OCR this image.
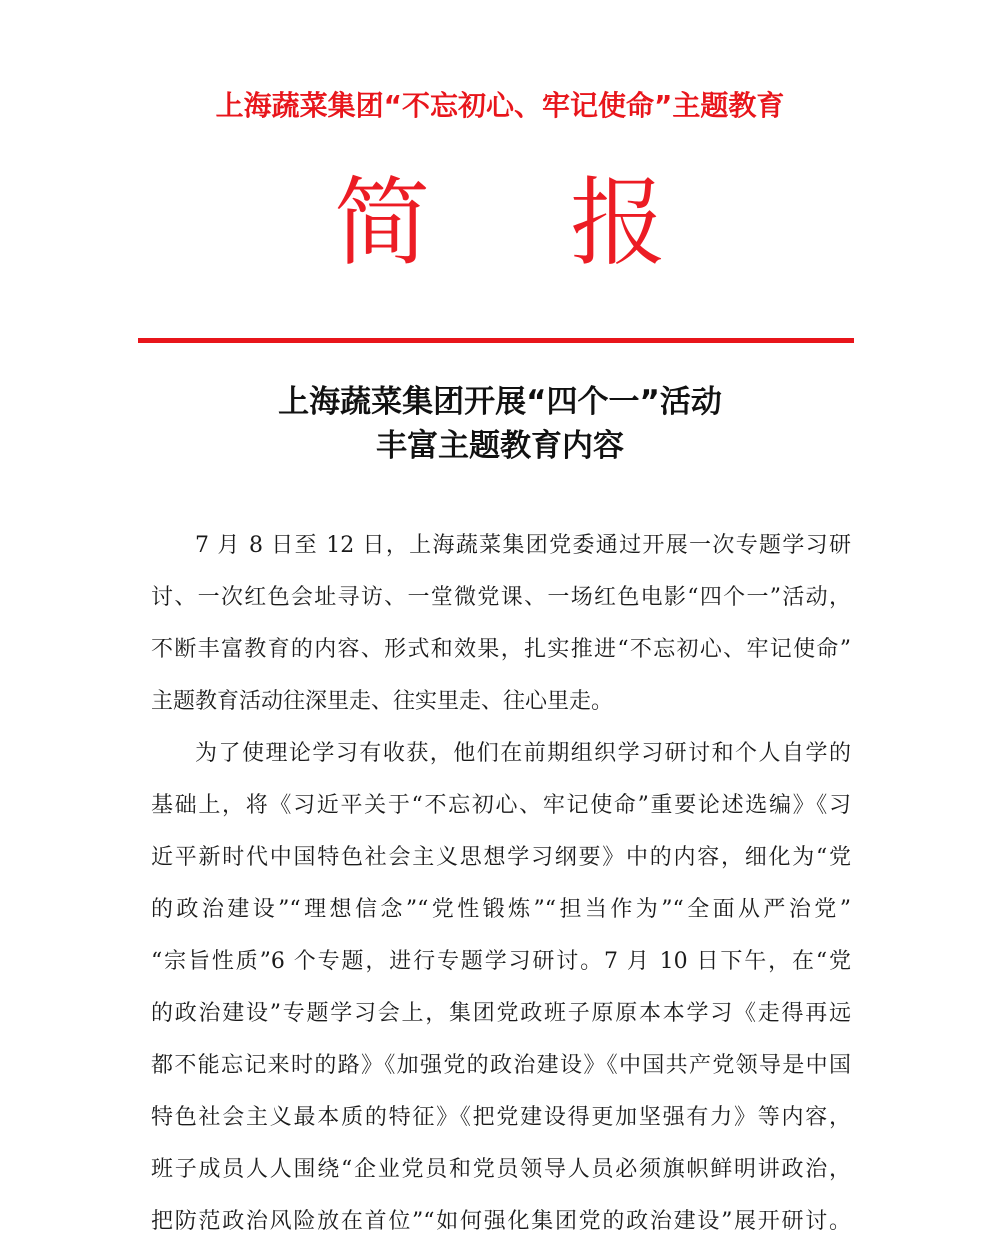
上海蔬菜集团“不忘初心、牢记使命”主题教育
简 报
上海蔬菜集团开展“四个一”活动
丰富主题教育内容
7 月 8 日至 12 日，上海蔬菜集团党委通过开展一次专题学习研
讨、一次红色会址寻访、一堂微党课、一场红色电影“四个一”活动，
不断丰富教育的内容、形式和效果，扎实推进“不忘初心、牢记使命”
主题教育活动往深里走、往实里走、往心里走。
为了使理论学习有收获，他们在前期组织学习研讨和个人自学的
基础上，将《习近平关于“不忘初心、牢记使命”重要论述选编》《习
近平新时代中国特色社会主义思想学习纲要》中的内容，细化为“党
的政治建设”“理想信念”“党性锻炼”“担当作为”“全面从严治党”
“宗旨性质”6 个专题，进行专题学习研讨。7 月 10 日下午，在“党
的政治建设”专题学习会上，集团党政班子原原本本学习《走得再远
都不能忘记来时的路》《加强党的政治建设》《中国共产党领导是中国
特色社会主义最本质的特征》《把党建设得更加坚强有力》等内容，
班子成员人人围绕“企业党员和党员领导人员必须旗帜鲜明讲政治，
把防范政治风险放在首位”“如何强化集团党的政治建设”展开研讨。
